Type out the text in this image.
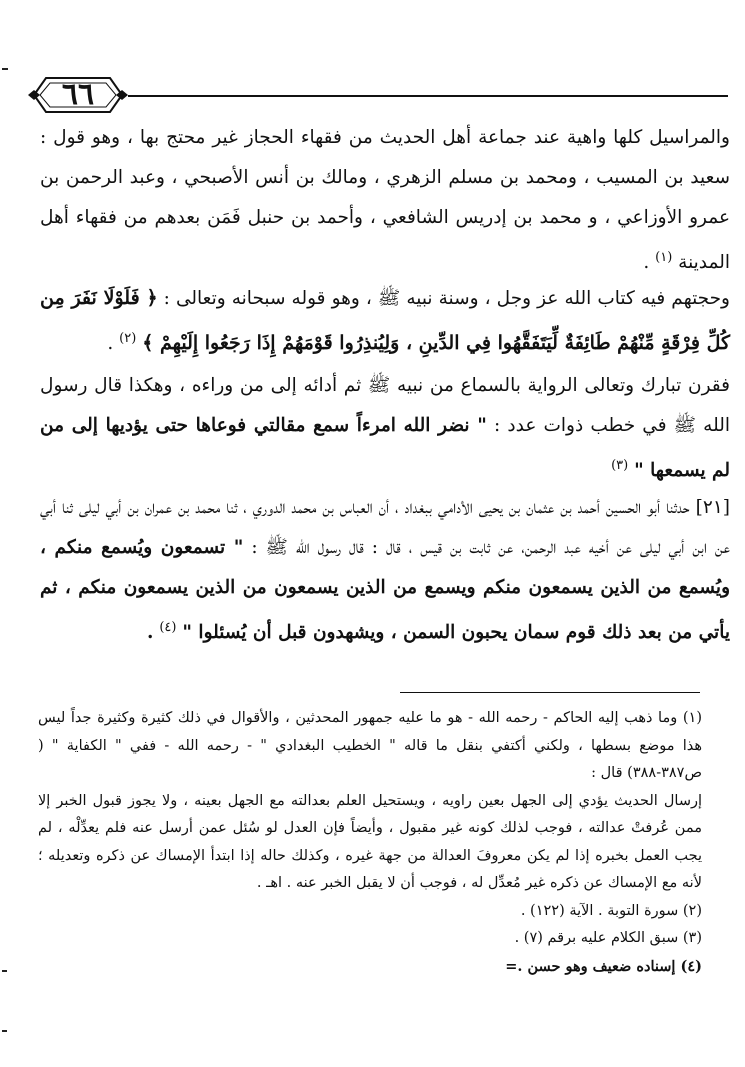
٦٦

والمراسيل كلها واهية عند جماعة أهل الحديث من فقهاء الحجاز غير محتج بها ، وهو قول : سعيد بن المسيب ، ومحمد بن مسلم الزهري ، ومالك بن أنس الأصبحي ، وعبد الرحمن بن عمرو الأوزاعي ، و محمد بن إدريس الشافعي ، وأحمد بن حنبل فَمَن بعدهم من فقهاء أهل المدينة $^{(١)}$ .

وحجتهم فيه كتاب الله عز وجل ، وسنة نبيه ﷺ ، وهو قوله سبحانه وتعالى : ﴿ فَلَوْلَا نَفَرَ مِن كُلِّ فِرْقَةٍ مِّنْهُمْ طَائِفَةٌ لِّيَتَفَقَّهُوا فِي الدِّينِ ، وَلِيُنذِرُوا قَوْمَهُمْ إِذَا رَجَعُوا إِلَيْهِمْ ﴾ $^{(٢)}$ .

فقرن تبارك وتعالى الرواية بالسماع من نبيه ﷺ ثم أدائه إلى من وراءه ، وهكذا قال رسول الله ﷺ في خطب ذوات عدد : " نضر الله امرءاً سمع مقالتي فوعاها حتى يؤديها إلى من لم يسمعها " $^{(٣)}$

[٢١] حدثنا أبو الحسين أحمد بن عثمان بن يحيى الأدامي ببغداد ، أن العباس بن محمد الدوري ، ثنا محمد بن عمران بن أبي ليلى ثنا أبي عن ابن أبي ليلى عن أخيه عبد الرحمن، عن ثابت بن قيس ، قال : قال رسول الله ﷺ : " تسمعون ويُسمع منكم ، ويُسمع من الذين يسمعون منكم ويسمع من الذين يسمعون من الذين يسمعون منكم ، ثم يأتي من بعد ذلك قوم سمان يحبون السمن ، ويشهدون قبل أن يُسئلوا " $^{(٤)}$ .

(١) وما ذهب إليه الحاكم - رحمه الله - هو ما عليه جمهور المحدثين ، والأقوال في ذلك كثيرة وكثيرة جداً ليس هذا موضع بسطها ، ولكني أكتفي بنقل ما قاله " الخطيب البغدادي " - رحمه الله - ففي " الكفاية " ( ص٣٨٧-٣٨٨) قال :

إرسال الحديث يؤدي إلى الجهل بعين راويه ، ويستحيل العلم بعدالته مع الجهل بعينه ، ولا يجوز قبول الخبر إلا ممن عُرفتْ عدالته ، فوجب لذلك كونه غير مقبول ، وأيضاً فإن العدل لو سُئل عمن أرسل عنه فلم يعدِّلْه ، لم يجب العمل بخبره إذا لم يكن معروفَ العدالة من جهة غيره ، وكذلك حاله إذا ابتدأ الإمساك عن ذكره وتعديله ؛ لأنه مع الإمساك عن ذكره غير مُعدِّل له ، فوجب أن لا يقبل الخبر عنه . اهـ .

(٢) سورة التوبة . الآية (١٢٢) .

(٣) سبق الكلام عليه برقم (٧) .

(٤) إسناده ضعيف وهو حسن .=
